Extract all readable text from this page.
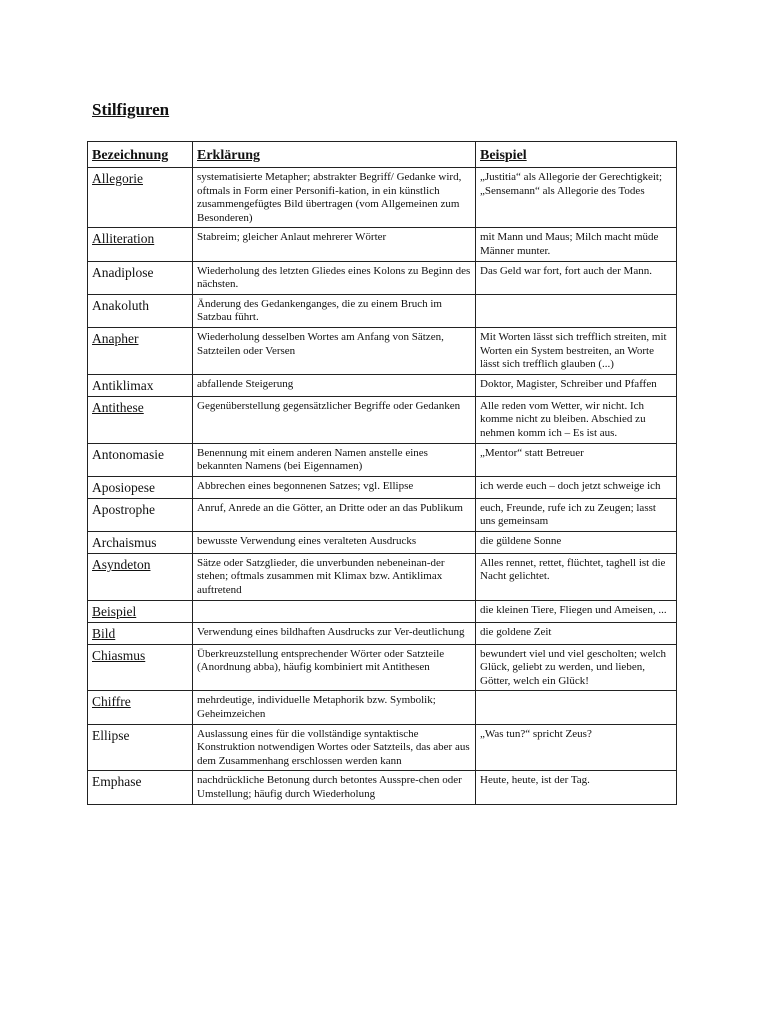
Stilfiguren
Bezeichnung	Erklärung	Beispiel
Allegorie	systematisierte Metapher; abstrakter Begriff/ Gedanke wird, oftmals in Form einer Personifi-kation, in ein künstlich zusammengefügtes Bild übertragen (vom Allgemeinen zum Besonderen)	„Justitia“ als Allegorie der Gerechtigkeit; „Sensemann“ als Allegorie des Todes
Alliteration	Stabreim; gleicher Anlaut mehrerer Wörter	mit Mann und Maus; Milch macht müde Männer munter.
Anadiplose	Wiederholung des letzten Gliedes eines Kolons zu Beginn des nächsten.	Das Geld war fort, fort auch der Mann.
Anakoluth	Änderung des Gedankenganges, die zu einem Bruch im Satzbau führt.	
Anapher	Wiederholung desselben Wortes am Anfang von Sätzen, Satzteilen oder Versen	Mit Worten lässt sich trefflich streiten, mit Worten ein System bestreiten, an Worte lässt sich trefflich glauben (...)
Antiklimax	abfallende Steigerung	Doktor, Magister, Schreiber und Pfaffen
Antithese	Gegenüberstellung gegensätzlicher Begriffe oder Gedanken	Alle reden vom Wetter, wir nicht. Ich komme nicht zu bleiben. Abschied zu nehmen komm ich – Es ist aus.
Antonomasie	Benennung mit einem anderen Namen anstelle eines bekannten Namens (bei Eigennamen)	„Mentor“ statt Betreuer
Aposiopese	Abbrechen eines begonnenen Satzes; vgl. Ellipse	ich werde euch – doch jetzt schweige ich
Apostrophe	Anruf, Anrede an die Götter, an Dritte oder an das Publikum	euch, Freunde, rufe ich zu Zeugen; lasst uns gemeinsam
Archaismus	bewusste Verwendung eines veralteten Ausdrucks	die güldene Sonne
Asyndeton	Sätze oder Satzglieder, die unverbunden nebeneinan-der stehen; oftmals zusammen mit Klimax bzw. Antiklimax auftretend	Alles rennet, rettet, flüchtet, taghell ist die Nacht gelichtet.
Beispiel		die kleinen Tiere, Fliegen und Ameisen, ...
Bild	Verwendung eines bildhaften Ausdrucks zur Ver-deutlichung	die goldene Zeit
Chiasmus	Überkreuzstellung entsprechender Wörter oder Satzteile (Anordnung abba), häufig kombiniert mit Antithesen	bewundert viel und viel gescholten; welch Glück, geliebt zu werden, und lieben, Götter, welch ein Glück!
Chiffre	mehrdeutige, individuelle Metaphorik bzw. Symbolik; Geheimzeichen	
Ellipse	Auslassung eines für die vollständige syntaktische Konstruktion notwendigen Wortes oder Satzteils, das aber aus dem Zusammenhang erschlossen werden kann	„Was tun?“ spricht Zeus?
Emphase	nachdrückliche Betonung durch betontes Ausspre-chen oder Umstellung; häufig durch Wiederholung	Heute, heute, ist der Tag.
